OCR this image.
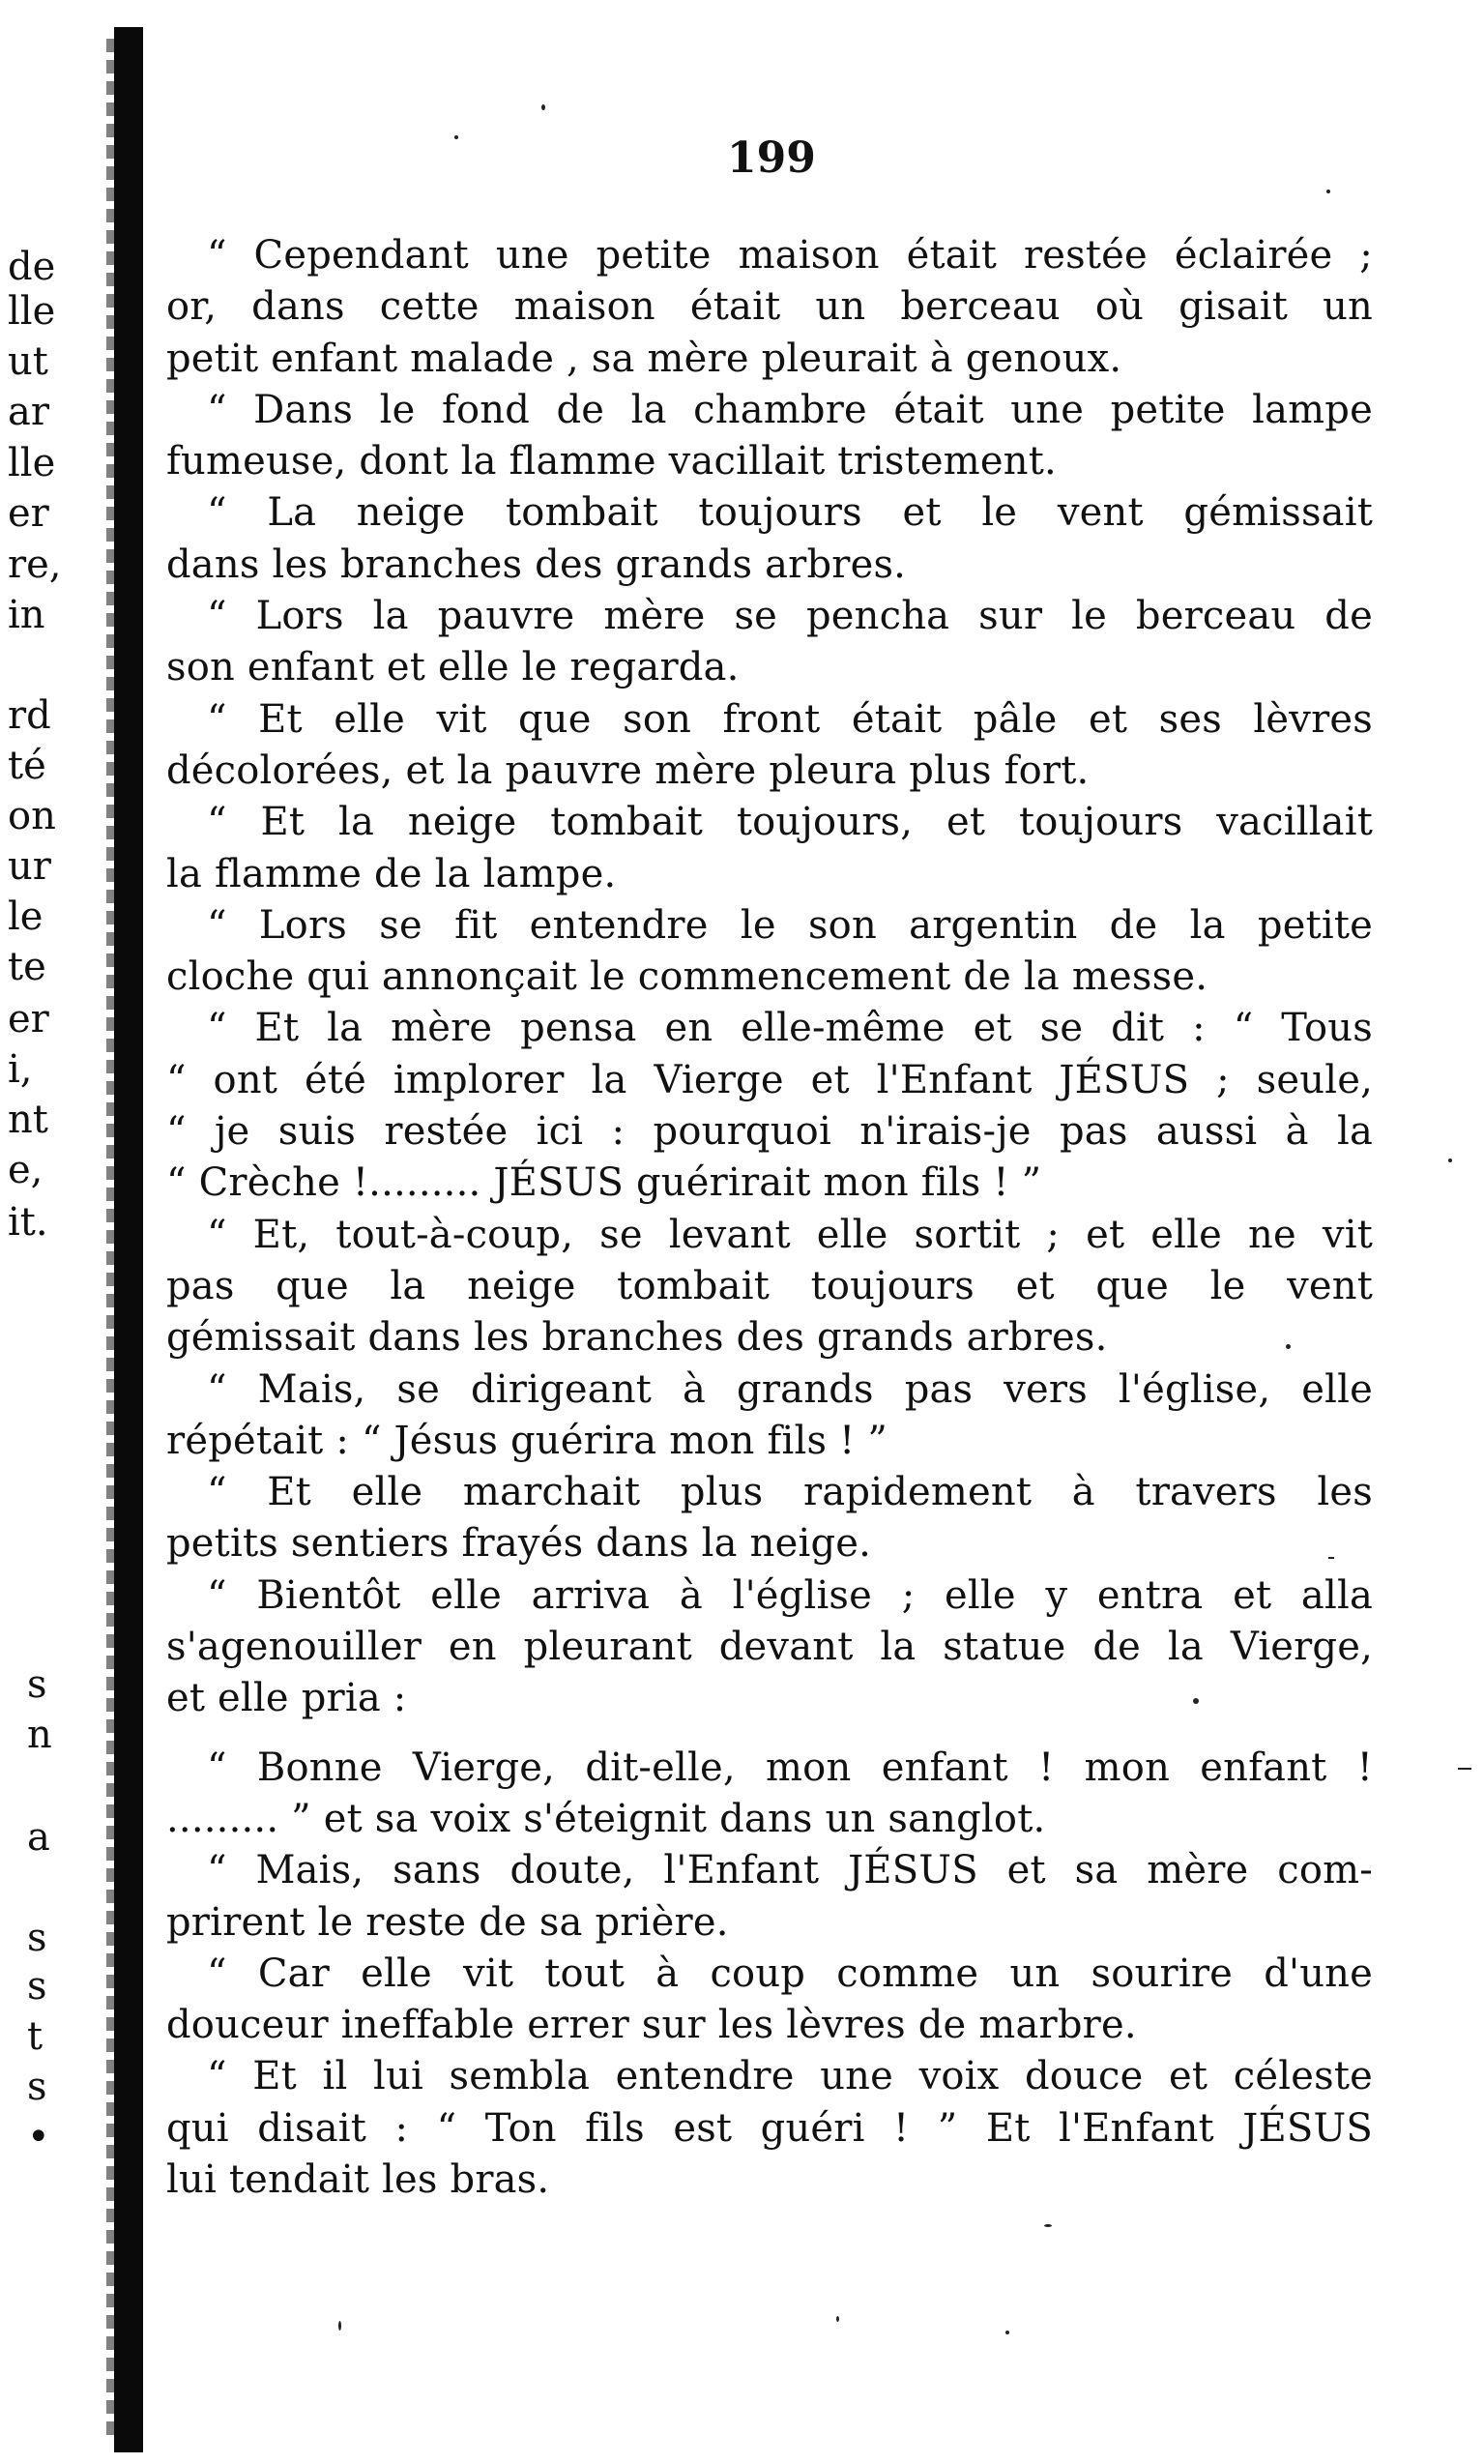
de
lle
ut
ar
lle
er
re,
in
rd
té
on
ur
le
te
er
i,
nt
e,
it.
s
n
a
s
s
t
s
•
199
“ Cependant une petite maison était restée éclairée ;
or, dans cette maison était un berceau où gisait un
petit enfant malade , sa mère pleurait à genoux.
“ Dans le fond de la chambre était une petite lampe
fumeuse, dont la flamme vacillait tristement.
“ La neige tombait toujours et le vent gémissait
dans les branches des grands arbres.
“ Lors la pauvre mère se pencha sur le berceau de
son enfant et elle le regarda.
“ Et elle vit que son front était pâle et ses lèvres
décolorées, et la pauvre mère pleura plus fort.
“ Et la neige tombait toujours, et toujours vacillait
la flamme de la lampe.
“ Lors se fit entendre le son argentin de la petite
cloche qui annonçait le commencement de la messe.
“ Et la mère pensa en elle-même et se dit : “ Tous
“ ont été implorer la Vierge et l'Enfant JÉSUS ; seule,
“ je suis restée ici : pourquoi n'irais-je pas aussi à la
“ Crèche !......... JÉSUS guérirait mon fils ! ”
“ Et, tout-à-coup, se levant elle sortit ; et elle ne vit
pas que la neige tombait toujours et que le vent
gémissait dans les branches des grands arbres.
“ Mais, se dirigeant à grands pas vers l'église, elle
répétait : “ Jésus guérira mon fils ! ”
“ Et elle marchait plus rapidement à travers les
petits sentiers frayés dans la neige.
“ Bientôt elle arriva à l'église ; elle y entra et alla
s'agenouiller en pleurant devant la statue de la Vierge,
et elle pria :
“ Bonne Vierge, dit-elle, mon enfant ! mon enfant !
......... ” et sa voix s'éteignit dans un sanglot.
“ Mais, sans doute, l'Enfant JÉSUS et sa mère com-
prirent le reste de sa prière.
“ Car elle vit tout à coup comme un sourire d'une
douceur ineffable errer sur les lèvres de marbre.
“ Et il lui sembla entendre une voix douce et céleste
qui disait : “ Ton fils est guéri ! ” Et l'Enfant JÉSUS
lui tendait les bras.
